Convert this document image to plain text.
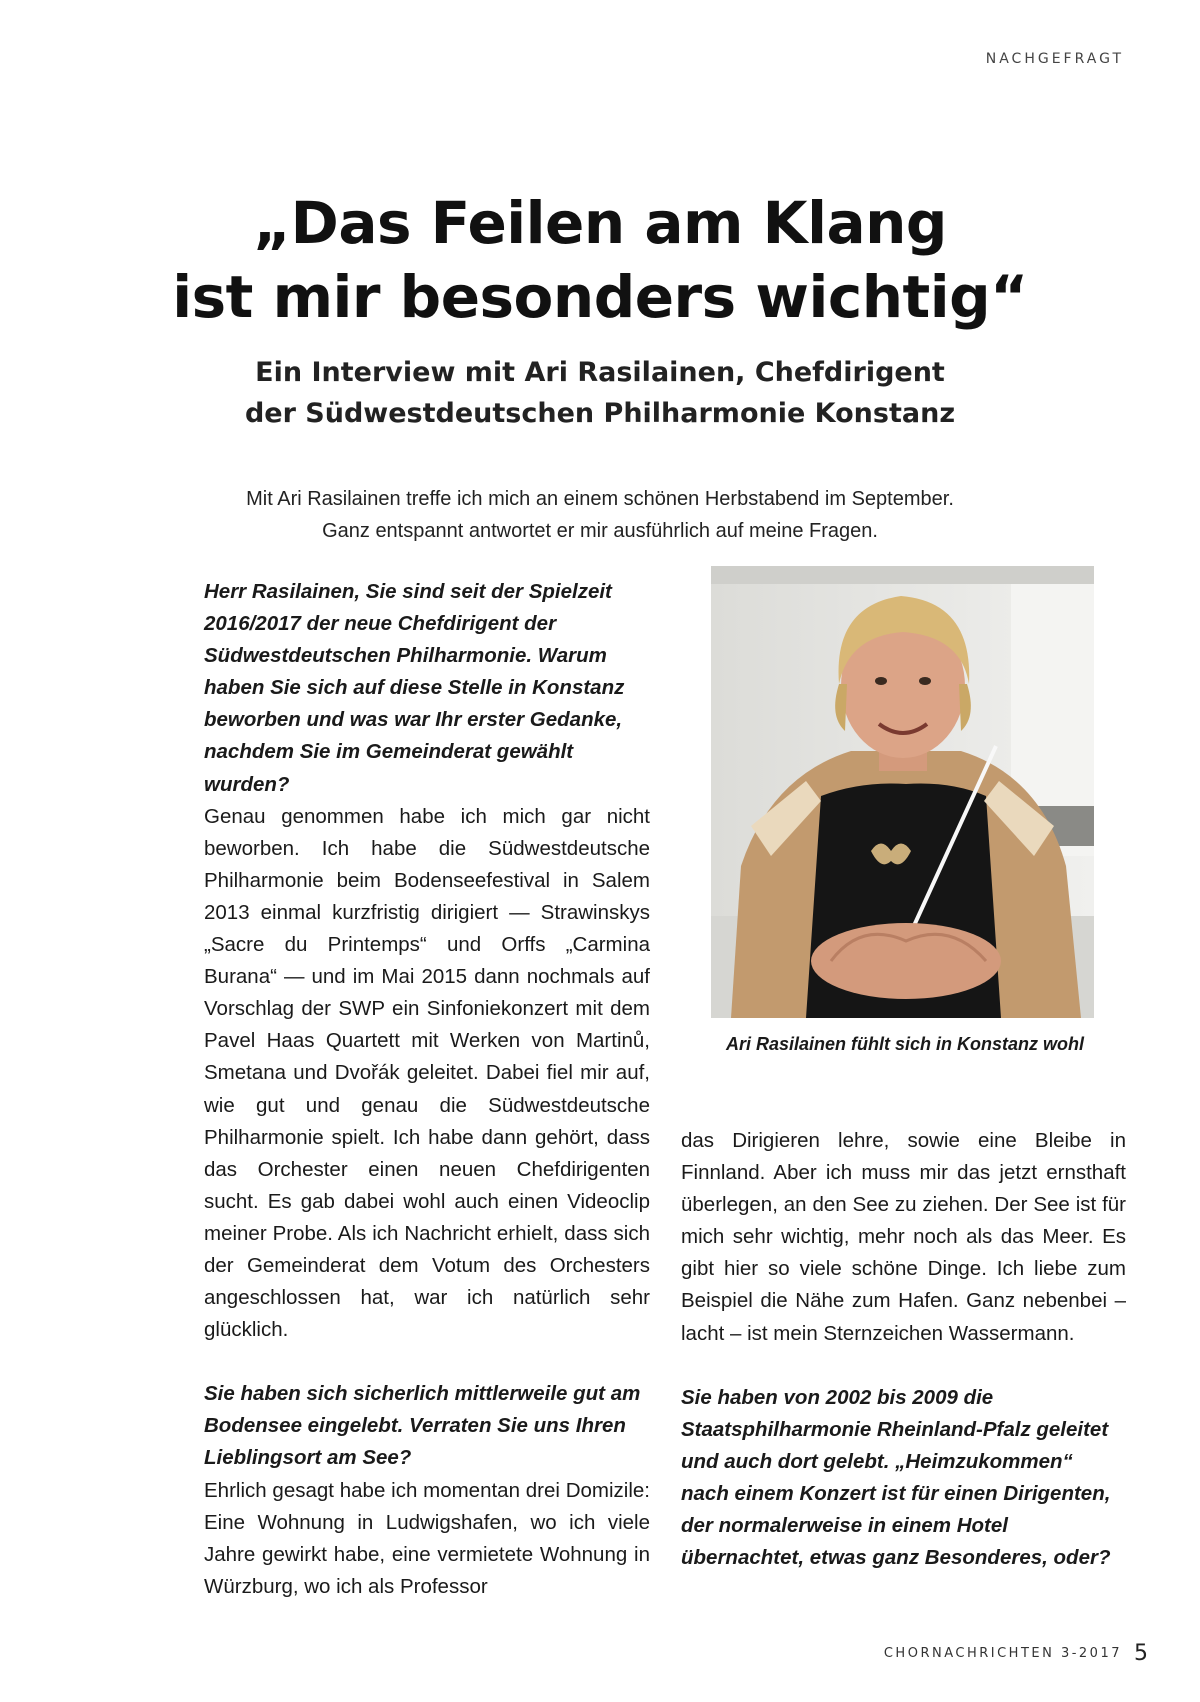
NACHGEFRAGT
„Das Feilen am Klang
ist mir besonders wichtig“
Ein Interview mit Ari Rasilainen, Chefdirigent
der Südwestdeutschen Philharmonie Konstanz

Mit Ari Rasilainen treffe ich mich an einem schönen Herbstabend im September.
Ganz entspannt antwortet er mir ausführlich auf meine Fragen.

Herr Rasilainen, Sie sind seit der Spielzeit 2016/2017 der neue Chefdirigent der Südwestdeutschen Philharmonie. Warum haben Sie sich auf diese Stelle in Konstanz beworben und was war Ihr erster Gedanke, nachdem Sie im Gemeinderat gewählt wurden?

Genau genommen habe ich mich gar nicht beworben. Ich habe die Südwestdeutsche Philharmonie beim Bodenseefestival in Salem 2013 einmal kurzfristig dirigiert — Strawinskys „Sacre du Printemps“ und Orffs „Carmina Burana“ — und im Mai 2015 dann nochmals auf Vorschlag der SWP ein Sinfoniekonzert mit dem Pavel Haas Quartett mit Werken von Martinů, Smetana und Dvořák geleitet. Dabei fiel mir auf, wie gut und genau die Südwestdeutsche Philharmonie spielt. Ich habe dann gehört, dass das Orchester einen neuen Chefdirigenten sucht. Es gab dabei wohl auch einen Videoclip meiner Probe. Als ich Nachricht erhielt, dass sich der Gemeinderat dem Votum des Orchesters angeschlossen hat, war ich natürlich sehr glücklich.

Sie haben sich sicherlich mittlerweile gut am Bodensee eingelebt. Verraten Sie uns Ihren Lieblingsort am See?

Ehrlich gesagt habe ich momentan drei Domizile: Eine Wohnung in Ludwigshafen, wo ich viele Jahre gewirkt habe, eine vermietete Wohnung in Würzburg, wo ich als Professor

Ari Rasilainen fühlt sich in Konstanz wohl

das Dirigieren lehre, sowie eine Bleibe in Finnland. Aber ich muss mir das jetzt ernsthaft überlegen, an den See zu ziehen. Der See ist für mich sehr wichtig, mehr noch als das Meer. Es gibt hier so viele schöne Dinge. Ich liebe zum Beispiel die Nähe zum Hafen. Ganz nebenbei – lacht – ist mein Sternzeichen Wassermann.

Sie haben von 2002 bis 2009 die Staatsphilharmonie Rheinland-Pfalz geleitet und auch dort gelebt. „Heimzukommen“ nach einem Konzert ist für einen Dirigenten, der normalerweise in einem Hotel übernachtet, etwas ganz Besonderes, oder?

CHORNACHRICHTEN 3-2017 5
